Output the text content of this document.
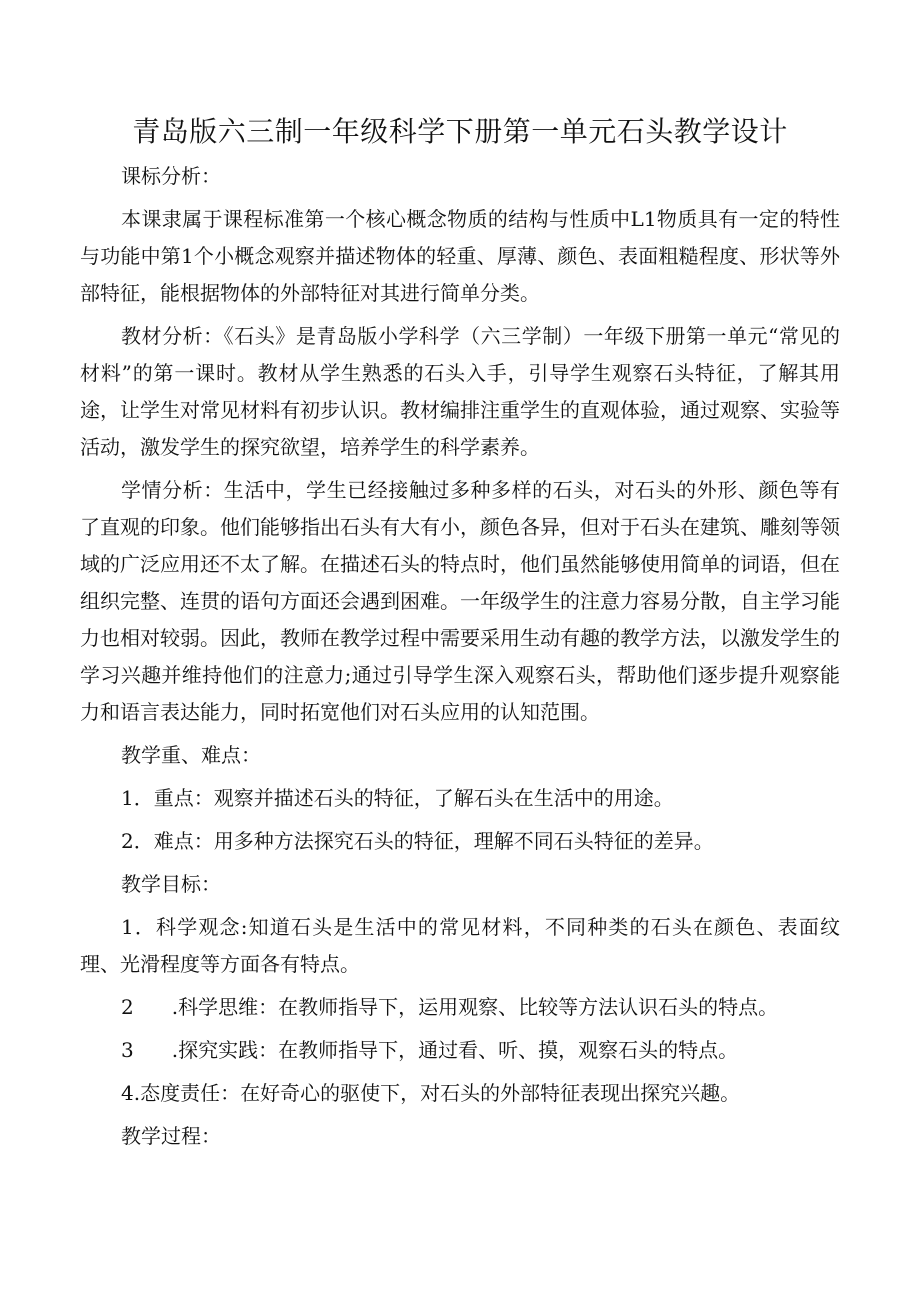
青岛版六三制一年级科学下册第一单元石头教学设计

课标分析：

本课隶属于课程标准第一个核心概念物质的结构与性质中L1物质具有一定的特性与功能中第1个小概念观察并描述物体的轻重、厚薄、颜色、表面粗糙程度、形状等外部特征，能根据物体的外部特征对其进行简单分类。

教材分析：《石头》是青岛版小学科学（六三学制）一年级下册第一单元“常见的材料”的第一课时。教材从学生熟悉的石头入手，引导学生观察石头特征，了解其用途，让学生对常见材料有初步认识。教材编排注重学生的直观体验，通过观察、实验等活动，激发学生的探究欲望，培养学生的科学素养。

学情分析：生活中，学生已经接触过多种多样的石头，对石头的外形、颜色等有了直观的印象。他们能够指出石头有大有小，颜色各异，但对于石头在建筑、雕刻等领域的广泛应用还不太了解。在描述石头的特点时，他们虽然能够使用简单的词语，但在组织完整、连贯的语句方面还会遇到困难。一年级学生的注意力容易分散，自主学习能力也相对较弱。因此，教师在教学过程中需要采用生动有趣的教学方法，以激发学生的学习兴趣并维持他们的注意力;通过引导学生深入观察石头，帮助他们逐步提升观察能力和语言表达能力，同时拓宽他们对石头应用的认知范围。

教学重、难点：

1．重点：观察并描述石头的特征，了解石头在生活中的用途。

2．难点：用多种方法探究石头的特征，理解不同石头特征的差异。

教学目标：

1．科学观念:知道石头是生活中的常见材料，不同种类的石头在颜色、表面纹理、光滑程度等方面各有特点。

2 .科学思维：在教师指导下，运用观察、比较等方法认识石头的特点。

3 .探究实践：在教师指导下，通过看、听、摸，观察石头的特点。

4.态度责任：在好奇心的驱使下，对石头的外部特征表现出探究兴趣。

教学过程：
